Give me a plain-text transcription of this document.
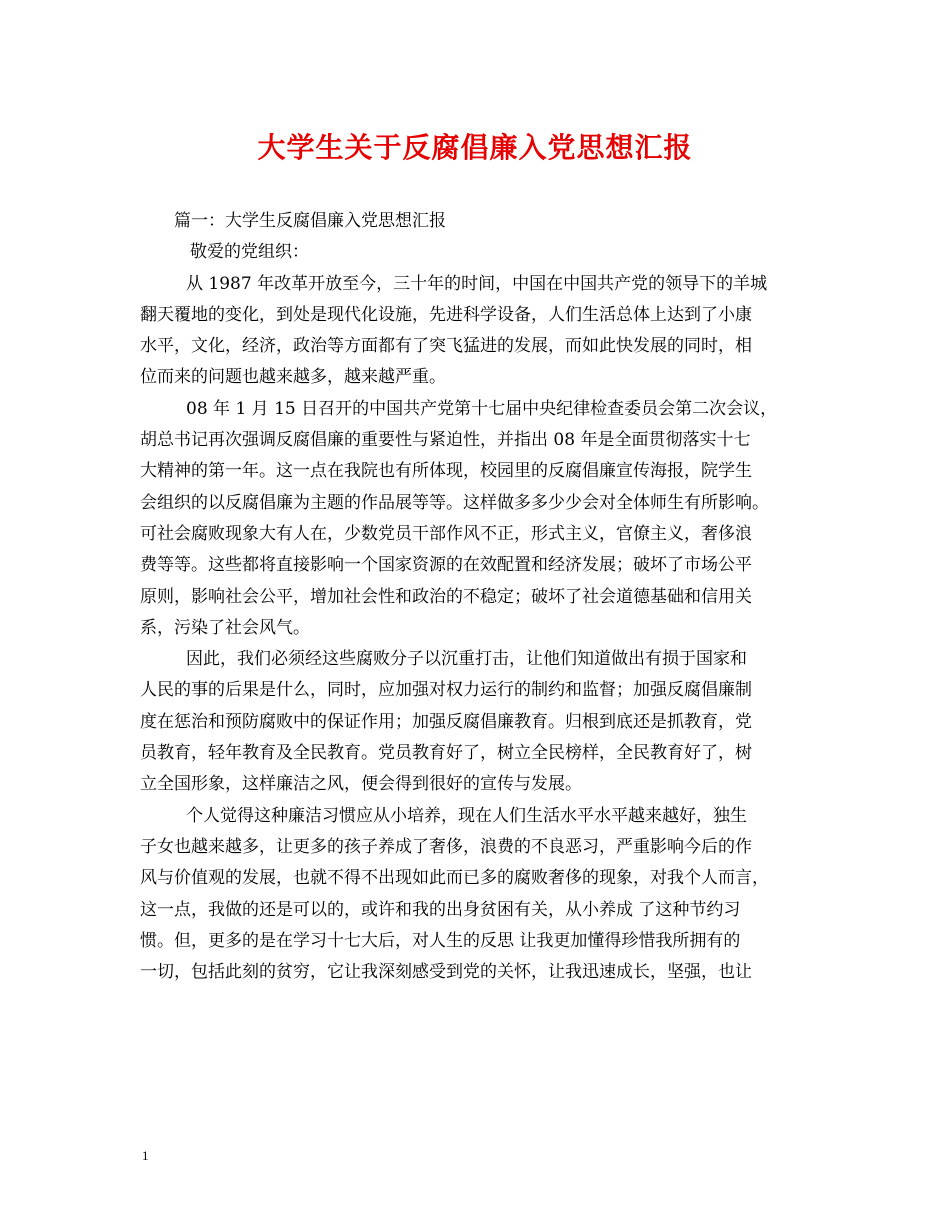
大学生关于反腐倡廉入党思想汇报
篇一：大学生反腐倡廉入党思想汇报
敬爱的党组织：
从 1987 年改革开放至今，三十年的时间，中国在中国共产党的领导下的羊城
翻天覆地的变化，到处是现代化设施，先进科学设备，人们生活总体上达到了小康
水平，文化，经济，政治等方面都有了突飞猛进的发展，而如此快发展的同时，相
位而来的问题也越来越多，越来越严重。
08 年 1 月 15 日召开的中国共产党第十七届中央纪律检查委员会第二次会议，
胡总书记再次强调反腐倡廉的重要性与紧迫性，并指出 08 年是全面贯彻落实十七
大精神的第一年。这一点在我院也有所体现，校园里的反腐倡廉宣传海报，院学生
会组织的以反腐倡廉为主题的作品展等等。这样做多多少少会对全体师生有所影响。
可社会腐败现象大有人在，少数党员干部作风不正，形式主义，官僚主义，奢侈浪
费等等。这些都将直接影响一个国家资源的在效配置和经济发展；破坏了市场公平
原则，影响社会公平，增加社会性和政治的不稳定；破坏了社会道德基础和信用关
系，污染了社会风气。
因此，我们必须经这些腐败分子以沉重打击，让他们知道做出有损于国家和
人民的事的后果是什么，同时，应加强对权力运行的制约和监督；加强反腐倡廉制
度在惩治和预防腐败中的保证作用；加强反腐倡廉教育。归根到底还是抓教育，党
员教育，轻年教育及全民教育。党员教育好了，树立全民榜样，全民教育好了，树
立全国形象，这样廉洁之风，便会得到很好的宣传与发展。
个人觉得这种廉洁习惯应从小培养，现在人们生活水平水平越来越好，独生
子女也越来越多，让更多的孩子养成了奢侈，浪费的不良恶习，严重影响今后的作
风与价值观的发展，也就不得不出现如此而已多的腐败奢侈的现象，对我个人而言，
这一点，我做的还是可以的，或许和我的出身贫困有关，从小养成 了这种节约习
惯。但，更多的是在学习十七大后，对人生的反思 让我更加懂得珍惜我所拥有的
一切，包括此刻的贫穷，它让我深刻感受到党的关怀，让我迅速成长，坚强，也让
1
